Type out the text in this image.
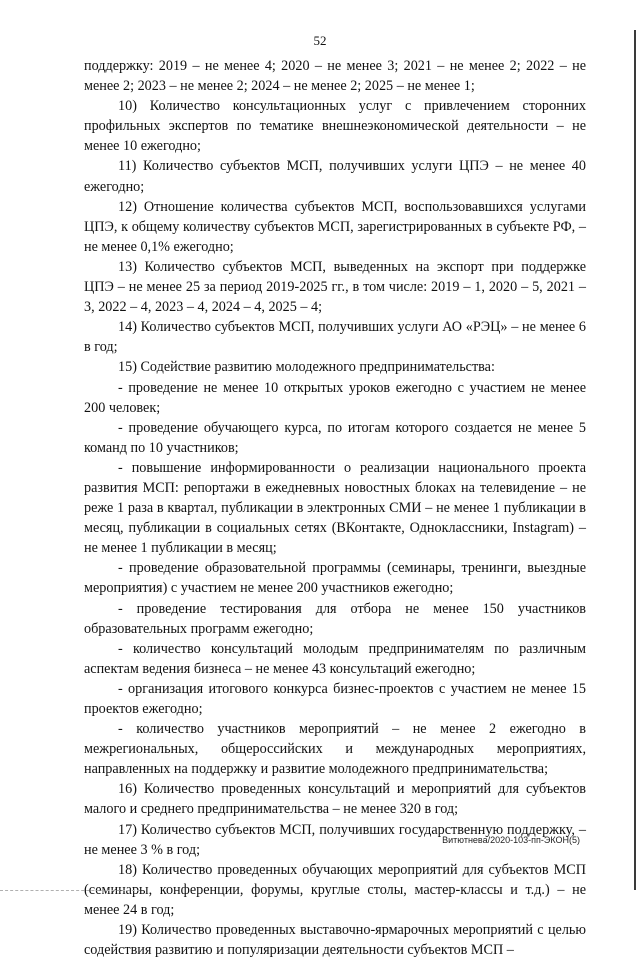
52

поддержку: 2019 – не менее 4; 2020 – не менее 3; 2021 – не менее 2; 2022 – не менее 2; 2023 – не менее 2; 2024 – не менее 2; 2025 – не менее 1;

10) Количество консультационных услуг с привлечением сторонних профильных экспертов по тематике внешнеэкономической деятельности – не менее 10 ежегодно;

11) Количество субъектов МСП, получивших услуги ЦПЭ – не менее 40 ежегодно;

12) Отношение количества субъектов МСП, воспользовавшихся услугами ЦПЭ, к общему количеству субъектов МСП, зарегистрированных в субъекте РФ, – не менее 0,1% ежегодно;

13) Количество субъектов МСП, выведенных на экспорт при поддержке ЦПЭ – не менее 25 за период 2019-2025 гг., в том числе: 2019 – 1, 2020 – 5, 2021 – 3, 2022 – 4, 2023 – 4, 2024 – 4, 2025 – 4;

14) Количество субъектов МСП, получивших услуги АО «РЭЦ» – не менее 6 в год;

15) Содействие развитию молодежного предпринимательства:

- проведение не менее 10 открытых уроков ежегодно с участием не менее 200 человек;

- проведение обучающего курса, по итогам которого создается не менее 5 команд по 10 участников;

- повышение информированности о реализации национального проекта развития МСП: репортажи в ежедневных новостных блоках на телевидение – не реже 1 раза в квартал, публикации в электронных СМИ – не менее 1 публикации в месяц, публикации в социальных сетях (ВКонтакте, Одноклассники, Instagram) – не менее 1 публикации в месяц;

- проведение образовательной программы (семинары, тренинги, выездные мероприятия) с участием не менее 200 участников ежегодно;

- проведение тестирования для отбора не менее 150 участников образовательных программ ежегодно;

- количество консультаций молодым предпринимателям по различным аспектам ведения бизнеса – не менее 43 консультаций ежегодно;

- организация итогового конкурса бизнес-проектов с участием не менее 15 проектов ежегодно;

- количество участников мероприятий – не менее 2 ежегодно в межрегиональных, общероссийских и международных мероприятиях, направленных на поддержку и развитие молодежного предпринимательства;

16) Количество проведенных консультаций и мероприятий для субъектов малого и среднего предпринимательства – не менее 320 в год;

17) Количество субъектов МСП, получивших государственную поддержку, – не менее 3 % в год;

18) Количество проведенных обучающих мероприятий для субъектов МСП (семинары, конференции, форумы, круглые столы, мастер-классы и т.д.) – не менее 24 в год;

19) Количество проведенных выставочно-ярмарочных мероприятий с целью содействия развитию и популяризации деятельности субъектов МСП –

Витютнева/2020-103-пп-ЭКОН(5)
